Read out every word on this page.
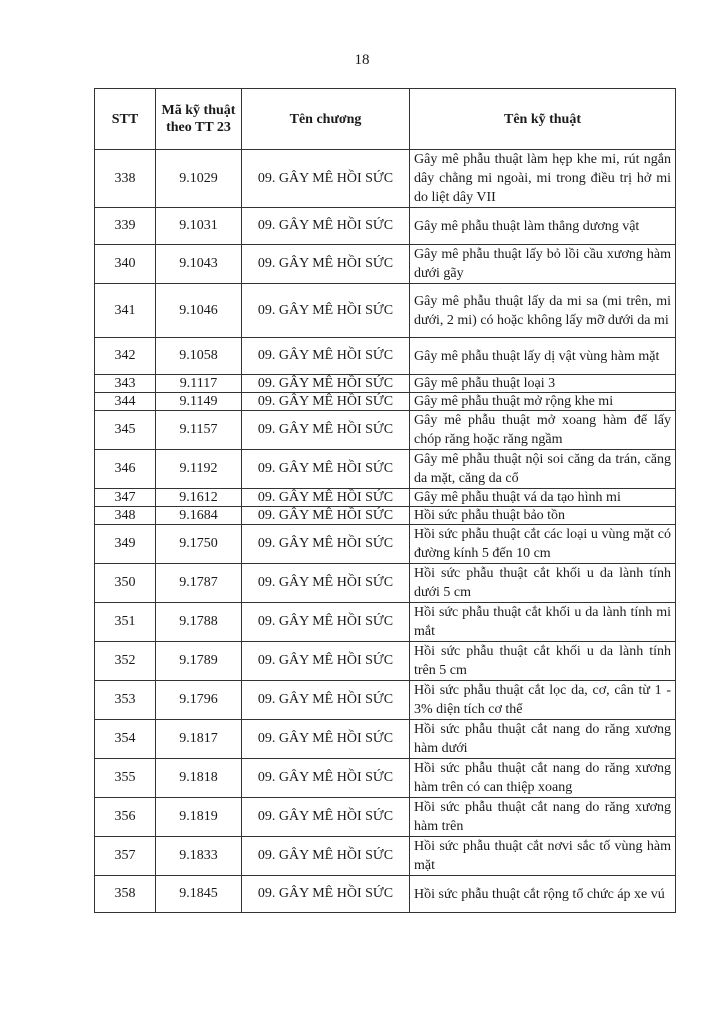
18
STT	Mã kỹ thuật theo TT 23	Tên chương	Tên kỹ thuật
338	9.1029	09. GÂY MÊ HỒI SỨC	Gây mê phẫu thuật làm hẹp khe mi, rút ngắn dây chằng mi ngoài, mi trong điều trị hở mi do liệt dây VII
339	9.1031	09. GÂY MÊ HỒI SỨC	Gây mê phẫu thuật làm thẳng dương vật
340	9.1043	09. GÂY MÊ HỒI SỨC	Gây mê phẫu thuật lấy bỏ lồi cầu xương hàm dưới gãy
341	9.1046	09. GÂY MÊ HỒI SỨC	Gây mê phẫu thuật lấy da mi sa (mi trên, mi dưới, 2 mi) có hoặc không lấy mỡ dưới da mi
342	9.1058	09. GÂY MÊ HỒI SỨC	Gây mê phẫu thuật lấy dị vật vùng hàm mặt
343	9.1117	09. GÂY MÊ HỒI SỨC	Gây mê phẫu thuật loại 3
344	9.1149	09. GÂY MÊ HỒI SỨC	Gây mê phẫu thuật mở rộng khe mi
345	9.1157	09. GÂY MÊ HỒI SỨC	Gây mê phẫu thuật mở xoang hàm để lấy chóp răng hoặc răng ngầm
346	9.1192	09. GÂY MÊ HỒI SỨC	Gây mê phẫu thuật nội soi căng da trán, căng da mặt, căng da cổ
347	9.1612	09. GÂY MÊ HỒI SỨC	Gây mê phẫu thuật vá da tạo hình mi
348	9.1684	09. GÂY MÊ HỒI SỨC	Hồi sức phẫu thuật bảo tồn
349	9.1750	09. GÂY MÊ HỒI SỨC	Hồi sức phẫu thuật cắt các loại u vùng mặt có đường kính 5 đến 10 cm
350	9.1787	09. GÂY MÊ HỒI SỨC	Hồi sức phẫu thuật cắt khối u da lành tính dưới 5 cm
351	9.1788	09. GÂY MÊ HỒI SỨC	Hồi sức phẫu thuật cắt khối u da lành tính mi mắt
352	9.1789	09. GÂY MÊ HỒI SỨC	Hồi sức phẫu thuật cắt khối u da lành tính trên 5 cm
353	9.1796	09. GÂY MÊ HỒI SỨC	Hồi sức phẫu thuật cắt lọc da, cơ, cân từ 1 - 3% diện tích cơ thể
354	9.1817	09. GÂY MÊ HỒI SỨC	Hồi sức phẫu thuật cắt nang do răng xương hàm dưới
355	9.1818	09. GÂY MÊ HỒI SỨC	Hồi sức phẫu thuật cắt nang do răng xương hàm trên có can thiệp xoang
356	9.1819	09. GÂY MÊ HỒI SỨC	Hồi sức phẫu thuật cắt nang do răng xương hàm trên
357	9.1833	09. GÂY MÊ HỒI SỨC	Hồi sức phẫu thuật cắt nơvi sắc tố vùng hàm mặt
358	9.1845	09. GÂY MÊ HỒI SỨC	Hồi sức phẫu thuật cắt rộng tổ chức áp xe vú
